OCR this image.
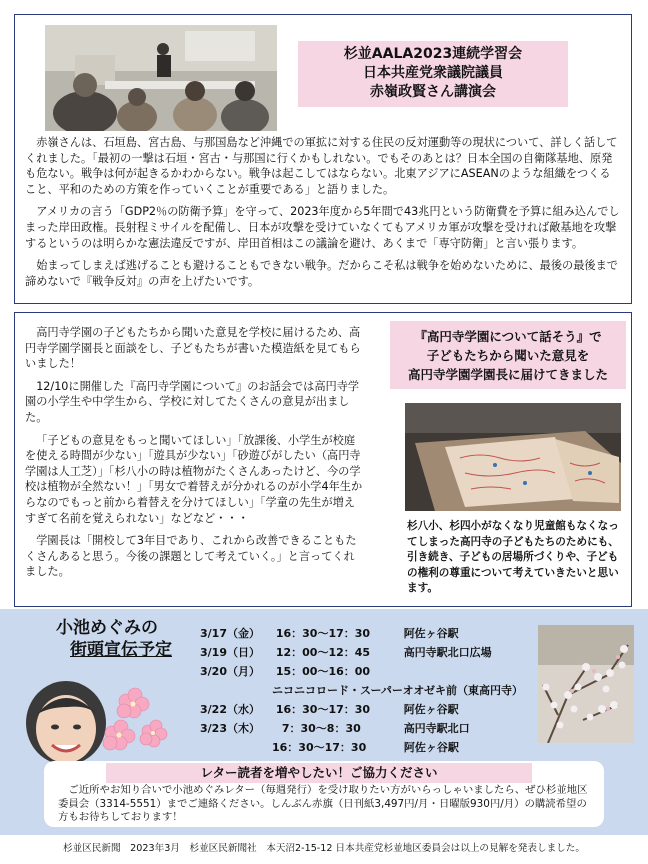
杉並AALA2023連続学習会
日本共産党衆議院議員
赤嶺政賢さん講演会

赤嶺さんは、石垣島、宮古島、与那国島など沖縄での軍拡に対する住民の反対運動等の現状について、詳しく話してくれました。「最初の一撃は石垣・宮古・与那国に行くかもしれない。でもそのあとは？日本全国の自衛隊基地、原発も危ない。戦争は何が起きるかわからない。戦争は起こしてはならない。北東アジアにASEANのような組織をつくること、平和のための方策を作っていくことが重要である」と語りました。

アメリカの言う「GDP2％の防衛予算」を守って、2023年度から5年間で43兆円という防衛費を予算に組み込んでしまった岸田政権。長射程ミサイルを配備し、日本が攻撃を受けていなくてもアメリカ軍が攻撃を受ければ敵基地を攻撃するというのは明らかな憲法違反ですが、岸田首相はこの議論を避け、あくまで「専守防衛」と言い張ります。

始まってしまえば逃げることも避けることもできない戦争。だからこそ私は戦争を始めないために、最後の最後まで諦めないで『戦争反対』の声を上げたいです。

高円寺学園の子どもたちから聞いた意見を学校に届けるため、高円寺学園学園長と面談をし、子どもたちが書いた模造紙を見てもらいました！

12/10に開催した『高円寺学園について』のお話会では高円寺学園の小学生や中学生から、学校に対してたくさんの意見が出ました。

「子どもの意見をもっと聞いてほしい」「放課後、小学生が校庭を使える時間が少ない」「遊具が少ない」「砂遊びがしたい（高円寺学園は人工芝）」「杉八小の時は植物がたくさんあったけど、今の学校は植物が全然ない！」「男女で着替えが分かれるのが小学4年生からなのでもっと前から着替えを分けてほしい」「学童の先生が増えすぎて名前を覚えられない」などなど・・・

学園長は「開校して3年目であり、これから改善できることもたくさんあると思う。今後の課題として考えていく。」と言ってくれました。

『高円寺学園について話そう』で
子どもたちから聞いた意見を
高円寺学園学園長に届けてきました
杉八小、杉四小がなくなり児童館もなくなってしまった高円寺の子どもたちのためにも、引き続き、子どもの居場所づくりや、子どもの権利の尊重について考えていきたいと思います。
小池めぐみの
街頭宣伝予定
3/17（金） 16：30〜17：30	阿佐ヶ谷駅
3/19（日） 12：00〜12：45	高円寺駅北口広場
3/20（月） 15：00〜16：00
ニコニコロード・スーパーオオゼキ前（東高円寺）
3/22（水） 16：30〜17：30	阿佐ヶ谷駅
3/23（木） 7：30〜8：30	高円寺駅北口
16：30〜17：30	阿佐ヶ谷駅
レター読者を増やしたい！ご協力ください
ご近所やお知り合いで小池めぐみレター（毎週発行）を受け取りたい方がいらっしゃいましたら、ぜひ杉並地区委員会（3314-5551）までご連絡ください。しんぶん赤旗（日刊紙3,497円/月・日曜版930円/月）の購読希望の方もお待ちしております！
杉並区民新聞　2023年3月　杉並区民新聞社　本天沼2-15-12 日本共産党杉並地区委員会は以上の見解を発表しました。
